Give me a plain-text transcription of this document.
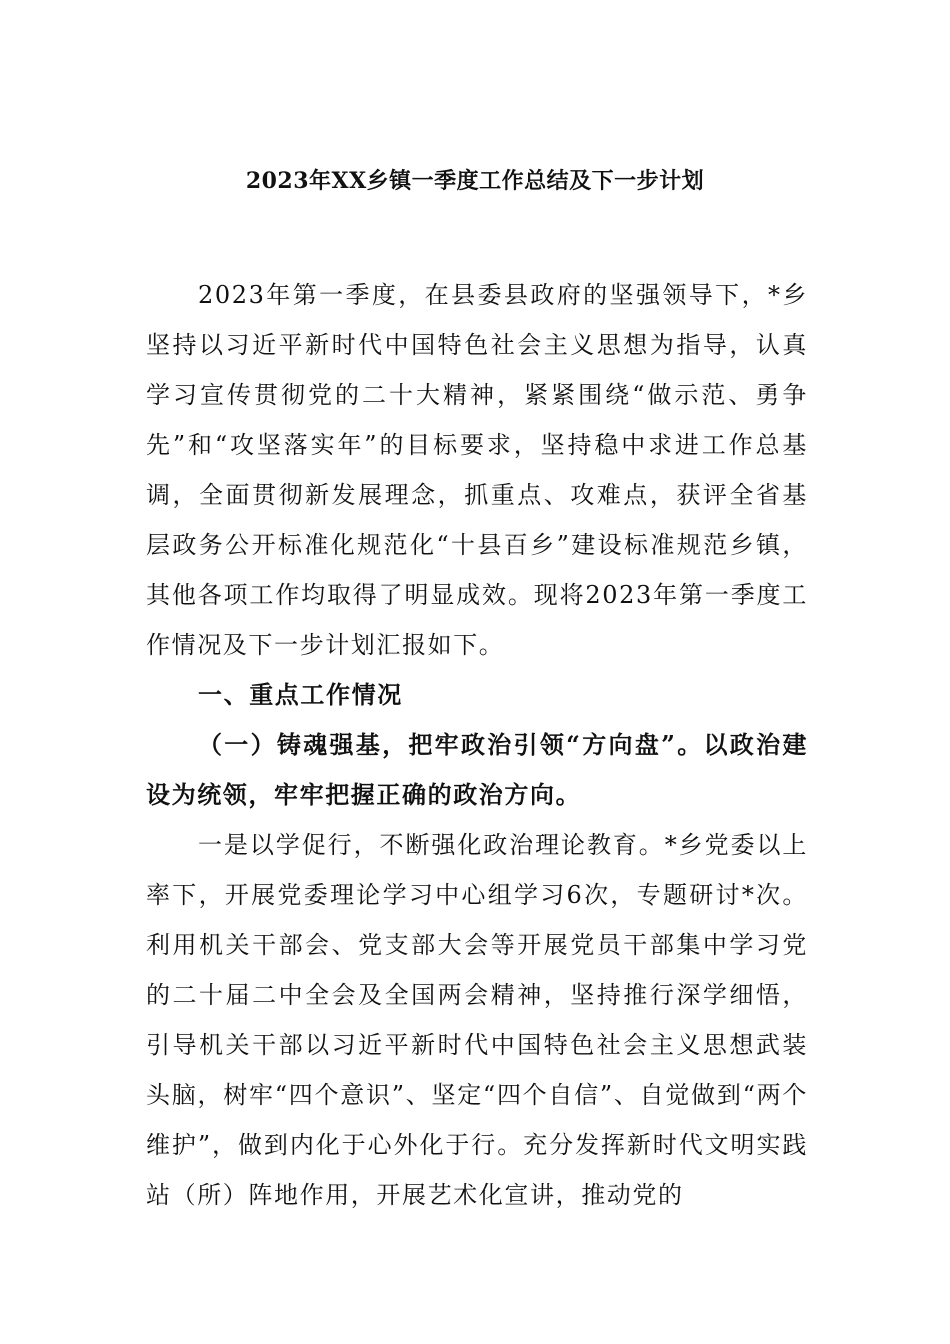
2023年XX乡镇一季度工作总结及下一步计划

2023年第一季度，在县委县政府的坚强领导下，*乡坚持以习近平新时代中国特色社会主义思想为指导，认真学习宣传贯彻党的二十大精神，紧紧围绕“做示范、勇争先”和“攻坚落实年”的目标要求，坚持稳中求进工作总基调，全面贯彻新发展理念，抓重点、攻难点，获评全省基层政务公开标准化规范化“十县百乡”建设标准规范乡镇，其他各项工作均取得了明显成效。现将2023年第一季度工作情况及下一步计划汇报如下。

一、重点工作情况

（一）铸魂强基，把牢政治引领“方向盘”。以政治建设为统领，牢牢把握正确的政治方向。

一是以学促行，不断强化政治理论教育。*乡党委以上率下，开展党委理论学习中心组学习6次，专题研讨*次。利用机关干部会、党支部大会等开展党员干部集中学习党的二十届二中全会及全国两会精神，坚持推行深学细悟，引导机关干部以习近平新时代中国特色社会主义思想武装头脑，树牢“四个意识”、坚定“四个自信”、自觉做到“两个维护”，做到内化于心外化于行。充分发挥新时代文明实践站（所）阵地作用，开展艺术化宣讲，推动党的
